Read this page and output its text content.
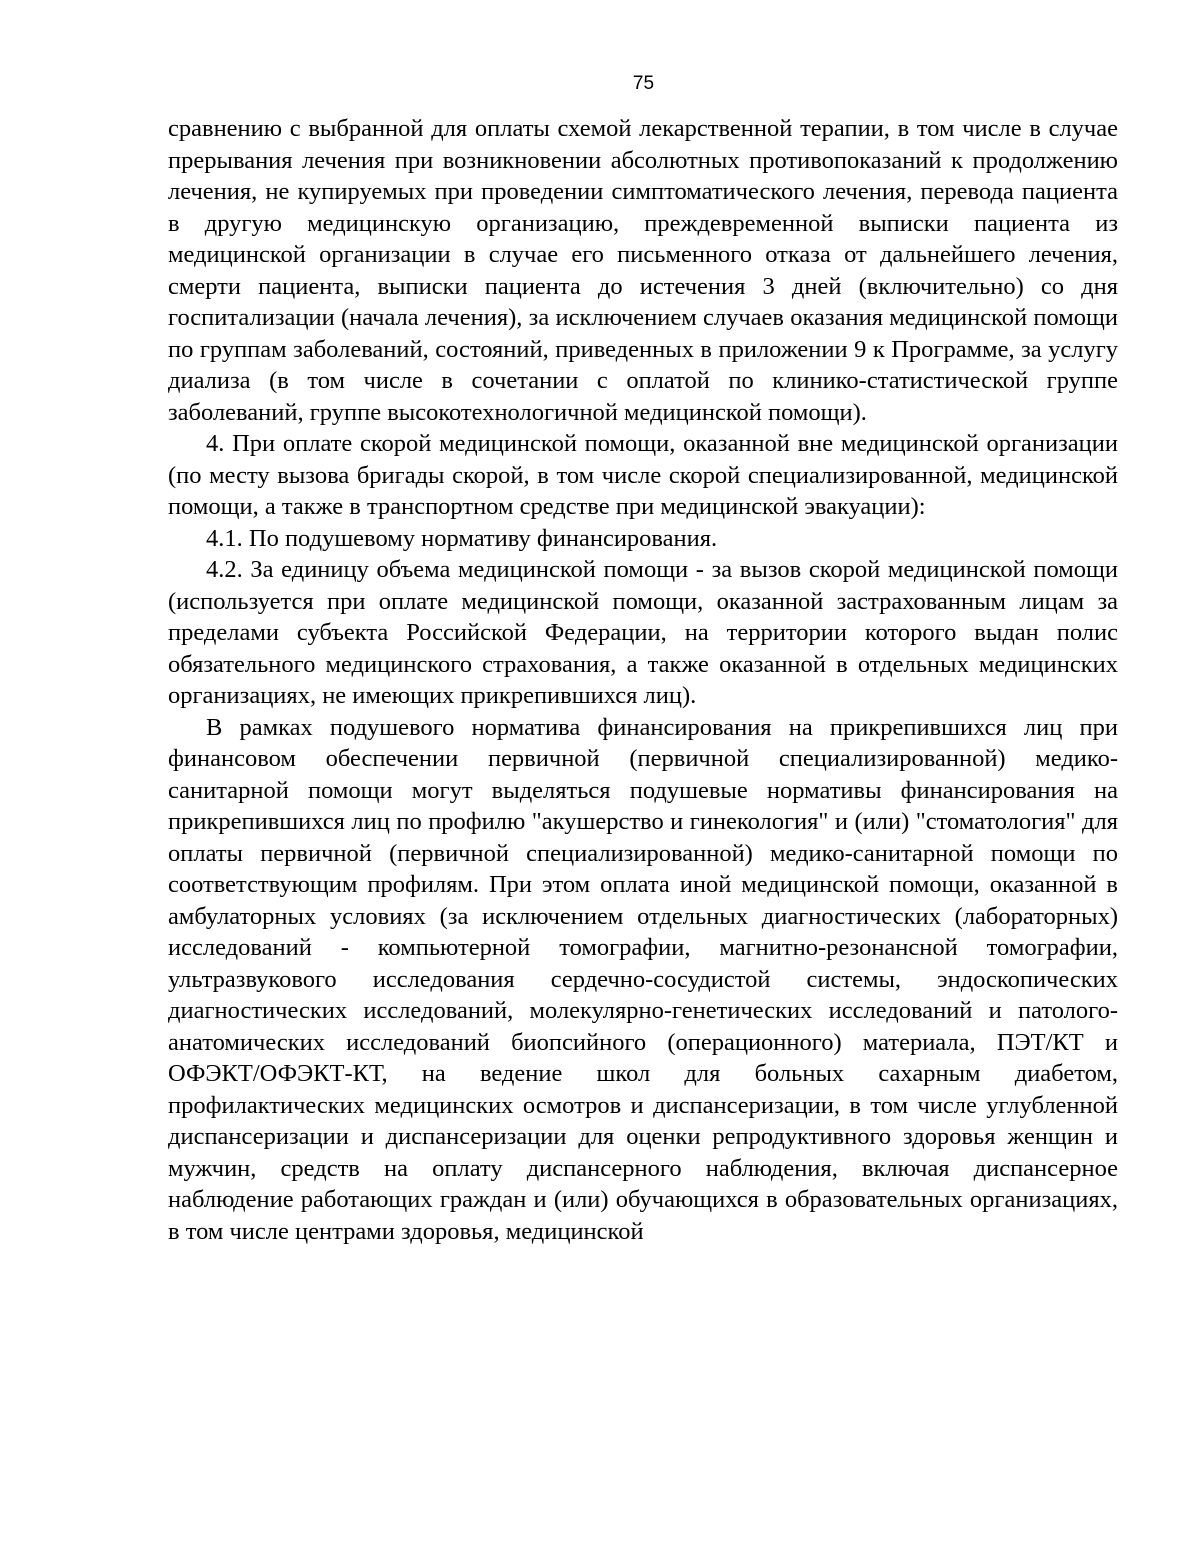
75

сравнению с выбранной для оплаты схемой лекарственной терапии, в том числе в случае прерывания лечения при возникновении абсолютных противопоказаний к продолжению лечения, не купируемых при проведении симптоматического лечения, перевода пациента в другую медицинскую организацию, преждевременной выписки пациента из медицинской организации в случае его письменного отказа от дальнейшего лечения, смерти пациента, выписки пациента до истечения 3 дней (включительно) со дня госпитализации (начала лечения), за исключением случаев оказания медицинской помощи по группам заболеваний, состояний, приведенных в приложении 9 к Программе, за услугу диализа (в том числе в сочетании с оплатой по клинико-статистической группе заболеваний, группе высокотехнологичной медицинской помощи).

4. При оплате скорой медицинской помощи, оказанной вне медицинской организации (по месту вызова бригады скорой, в том числе скорой специализированной, медицинской помощи, а также в транспортном средстве при медицинской эвакуации):

4.1. По подушевому нормативу финансирования.

4.2. За единицу объема медицинской помощи - за вызов скорой медицинской помощи (используется при оплате медицинской помощи, оказанной застрахованным лицам за пределами субъекта Российской Федерации, на территории которого выдан полис обязательного медицинского страхования, а также оказанной в отдельных медицинских организациях, не имеющих прикрепившихся лиц).

В рамках подушевого норматива финансирования на прикрепившихся лиц при финансовом обеспечении первичной (первичной специализированной) медико-санитарной помощи могут выделяться подушевые нормативы финансирования на прикрепившихся лиц по профилю "акушерство и гинекология" и (или) "стоматология" для оплаты первичной (первичной специализированной) медико-санитарной помощи по соответствующим профилям. При этом оплата иной медицинской помощи, оказанной в амбулаторных условиях (за исключением отдельных диагностических (лабораторных) исследований - компьютерной томографии, магнитно-резонансной томографии, ультразвукового исследования сердечно-сосудистой системы, эндоскопических диагностических исследований, молекулярно-генетических исследований и патолого-анатомических исследований биопсийного (операционного) материала, ПЭТ/КТ и ОФЭКТ/ОФЭКТ-КТ, на ведение школ для больных сахарным диабетом, профилактических медицинских осмотров и диспансеризации, в том числе углубленной диспансеризации и диспансеризации для оценки репродуктивного здоровья женщин и мужчин, средств на оплату диспансерного наблюдения, включая диспансерное наблюдение работающих граждан и (или) обучающихся в образовательных организациях, в том числе центрами здоровья, медицинской
